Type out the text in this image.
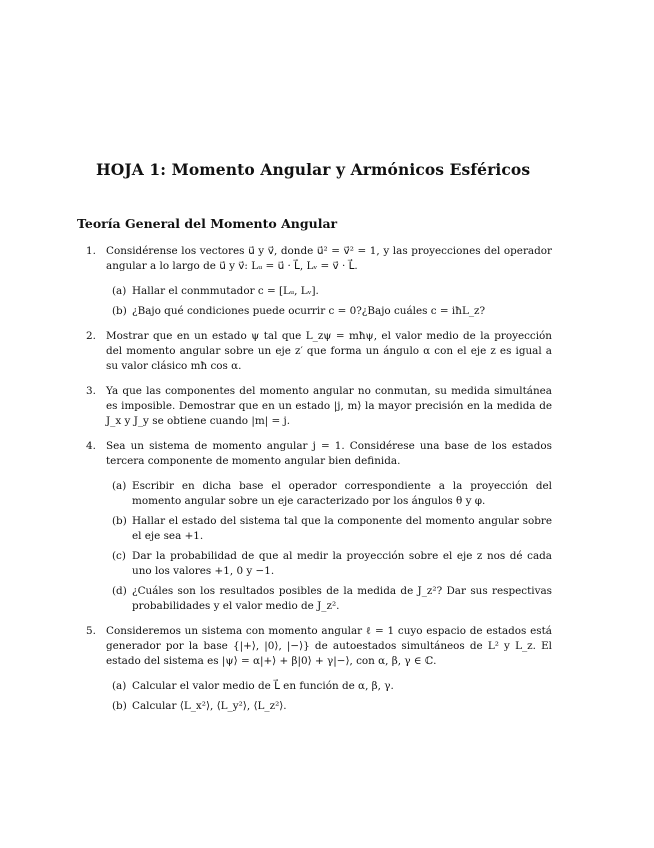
HOJA 1: Momento Angular y Armónicos Esféricos
Teoría General del Momento Angular
1. Considérense los vectores u⃗ y v⃗, donde u⃗² = v⃗² = 1, y las proyecciones del operador angular a lo largo de u⃗ y v⃗: Lᵤ = u⃗ · L⃗, Lᵥ = v⃗ · L⃗.
(a) Hallar el conmmutador c = [Lᵤ, Lᵥ].
(b) ¿Bajo qué condiciones puede ocurrir c = 0?¿Bajo cuáles c = iħL_z?
2. Mostrar que en un estado ψ tal que L_zψ = mħψ, el valor medio de la proyección del momento angular sobre un eje z′ que forma un ángulo α con el eje z es igual a su valor clásico mħ cos α.
3. Ya que las componentes del momento angular no conmutan, su medida simultánea es imposible. Demostrar que en un estado |j, m⟩ la mayor precisión en la medida de J_x y J_y se obtiene cuando |m| = j.
4. Sea un sistema de momento angular j = 1. Considérese una base de los estados tercera componente de momento angular bien definida.
(a) Escribir en dicha base el operador correspondiente a la proyección del momento angular sobre un eje caracterizado por los ángulos θ y φ.
(b) Hallar el estado del sistema tal que la componente del momento angular sobre el eje sea +1.
(c) Dar la probabilidad de que al medir la proyección sobre el eje z nos dé cada uno los valores +1, 0 y −1.
(d) ¿Cuáles son los resultados posibles de la medida de J_z²? Dar sus respectivas probabilidades y el valor medio de J_z².
5. Consideremos un sistema con momento angular ℓ = 1 cuyo espacio de estados está generador por la base {|+⟩, |0⟩, |−⟩} de autoestados simultáneos de L² y L_z. El estado del sistema es |ψ⟩ = α|+⟩ + β|0⟩ + γ|−⟩, con α, β, γ ∈ ℂ.
(a) Calcular el valor medio de L⃗ en función de α, β, γ.
(b) Calcular ⟨L_x²⟩, ⟨L_y²⟩, ⟨L_z²⟩.
